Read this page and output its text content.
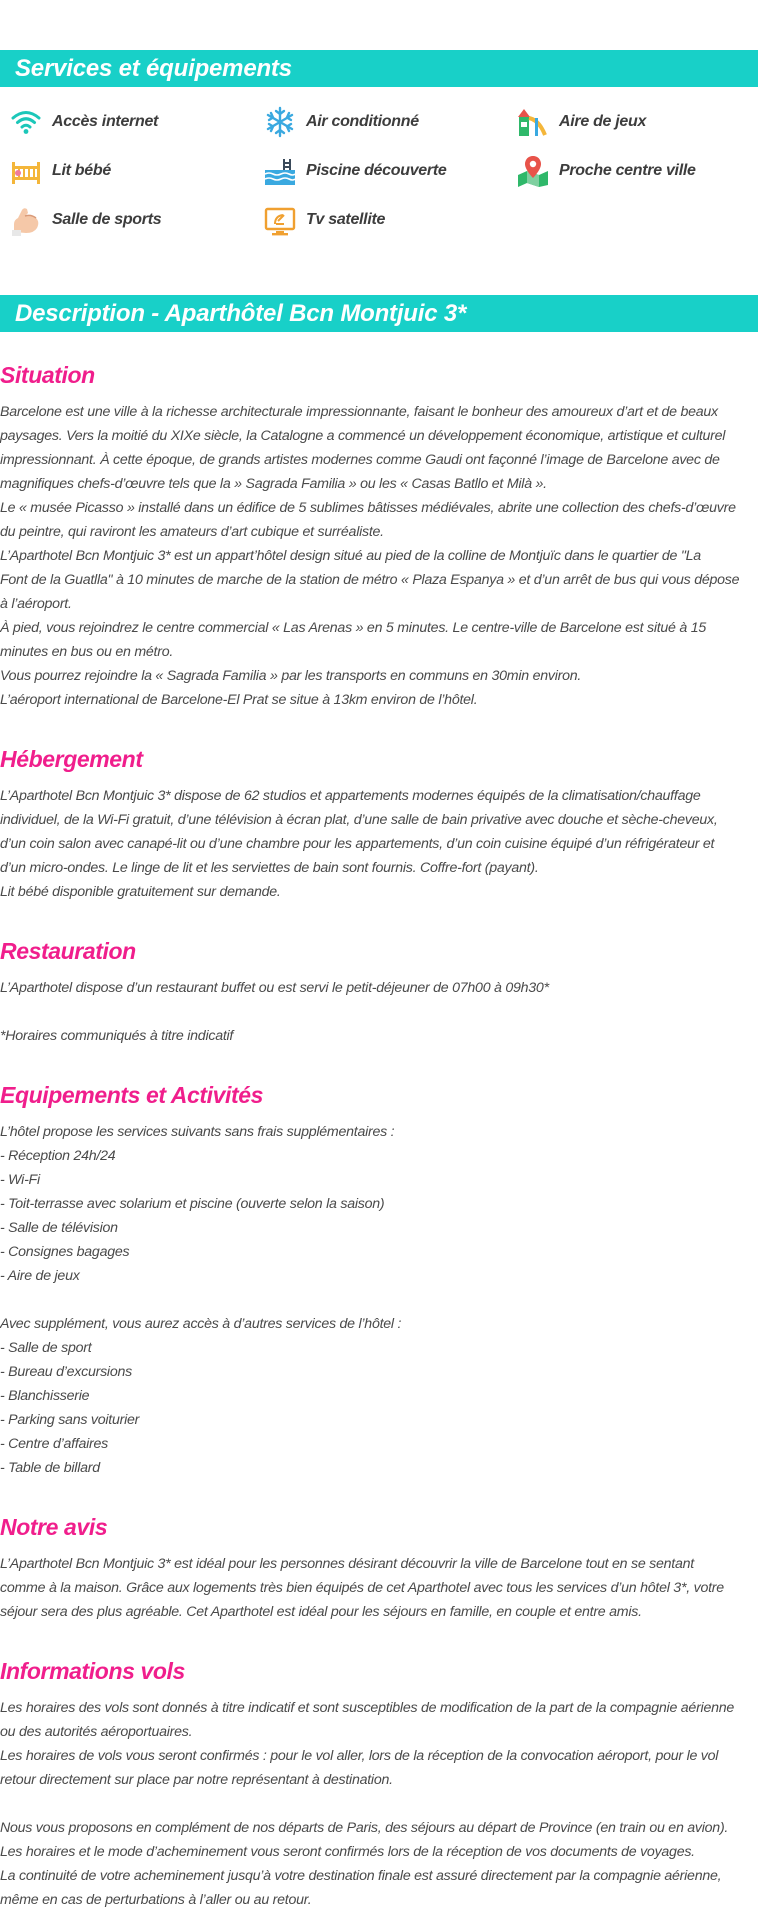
Services et équipements
Accès internet	Air conditionné	Aire de jeux
Lit bébé	Piscine découverte	Proche centre ville
Salle de sports	Tv satellite
Description - Aparthôtel Bcn Montjuic 3*
Situation

Barcelone est une ville à la richesse architecturale impressionnante, faisant le bonheur des amoureux d’art et de beaux

paysages. Vers la moitié du XIXe siècle, la Catalogne a commencé un développement économique, artistique et culturel

impressionnant. À cette époque, de grands artistes modernes comme Gaudi ont façonné l’image de Barcelone avec de

magnifiques chefs-d’œuvre tels que la » Sagrada Familia » ou les « Casas Batllo et Milà ».

Le « musée Picasso » installé dans un édifice de 5 sublimes bâtisses médiévales, abrite une collection des chefs-d’œuvre

du peintre, qui raviront les amateurs d’art cubique et surréaliste.

L’Aparthotel Bcn Montjuic 3* est un appart’hôtel design situé au pied de la colline de Montjuïc dans le quartier de "La

Font de la Guatlla" à 10 minutes de marche de la station de métro « Plaza Espanya » et d’un arrêt de bus qui vous dépose

à l’aéroport.

À pied, vous rejoindrez le centre commercial « Las Arenas » en 5 minutes. Le centre-ville de Barcelone est situé à 15

minutes en bus ou en métro.

Vous pourrez rejoindre la « Sagrada Familia » par les transports en communs en 30min environ.

L’aéroport international de Barcelone-El Prat se situe à 13km environ de l’hôtel.

Hébergement

L’Aparthotel Bcn Montjuic 3* dispose de 62 studios et appartements modernes équipés de la climatisation/chauffage

individuel, de la Wi-Fi gratuit, d’une télévision à écran plat, d’une salle de bain privative avec douche et sèche-cheveux,

d’un coin salon avec canapé-lit ou d’une chambre pour les appartements, d’un coin cuisine équipé d’un réfrigérateur et

d’un micro-ondes. Le linge de lit et les serviettes de bain sont fournis. Coffre-fort (payant).

Lit bébé disponible gratuitement sur demande.

Restauration

L’Aparthotel dispose d’un restaurant buffet ou est servi le petit-déjeuner de 07h00 à 09h30*

*Horaires communiqués à titre indicatif

Equipements et Activités

L’hôtel propose les services suivants sans frais supplémentaires :

- Réception 24h/24

- Wi-Fi

- Toit-terrasse avec solarium et piscine (ouverte selon la saison)

- Salle de télévision

- Consignes bagages

- Aire de jeux

Avec supplément, vous aurez accès à d’autres services de l’hôtel :

- Salle de sport

- Bureau d’excursions

- Blanchisserie

- Parking sans voiturier

- Centre d’affaires

- Table de billard

Notre avis

L’Aparthotel Bcn Montjuic 3* est idéal pour les personnes désirant découvrir la ville de Barcelone tout en se sentant

comme à la maison. Grâce aux logements très bien équipés de cet Aparthotel avec tous les services d’un hôtel 3*, votre

séjour sera des plus agréable. Cet Aparthotel est idéal pour les séjours en famille, en couple et entre amis.

Informations vols

Les horaires des vols sont donnés à titre indicatif et sont susceptibles de modification de la part de la compagnie aérienne

ou des autorités aéroportuaires.

Les horaires de vols vous seront confirmés : pour le vol aller, lors de la réception de la convocation aéroport, pour le vol

retour directement sur place par notre représentant à destination.

Nous vous proposons en complément de nos départs de Paris, des séjours au départ de Province (en train ou en avion).

Les horaires et le mode d’acheminement vous seront confirmés lors de la réception de vos documents de voyages.

La continuité de votre acheminement jusqu’à votre destination finale est assuré directement par la compagnie aérienne,

même en cas de perturbations à l’aller ou au retour.
